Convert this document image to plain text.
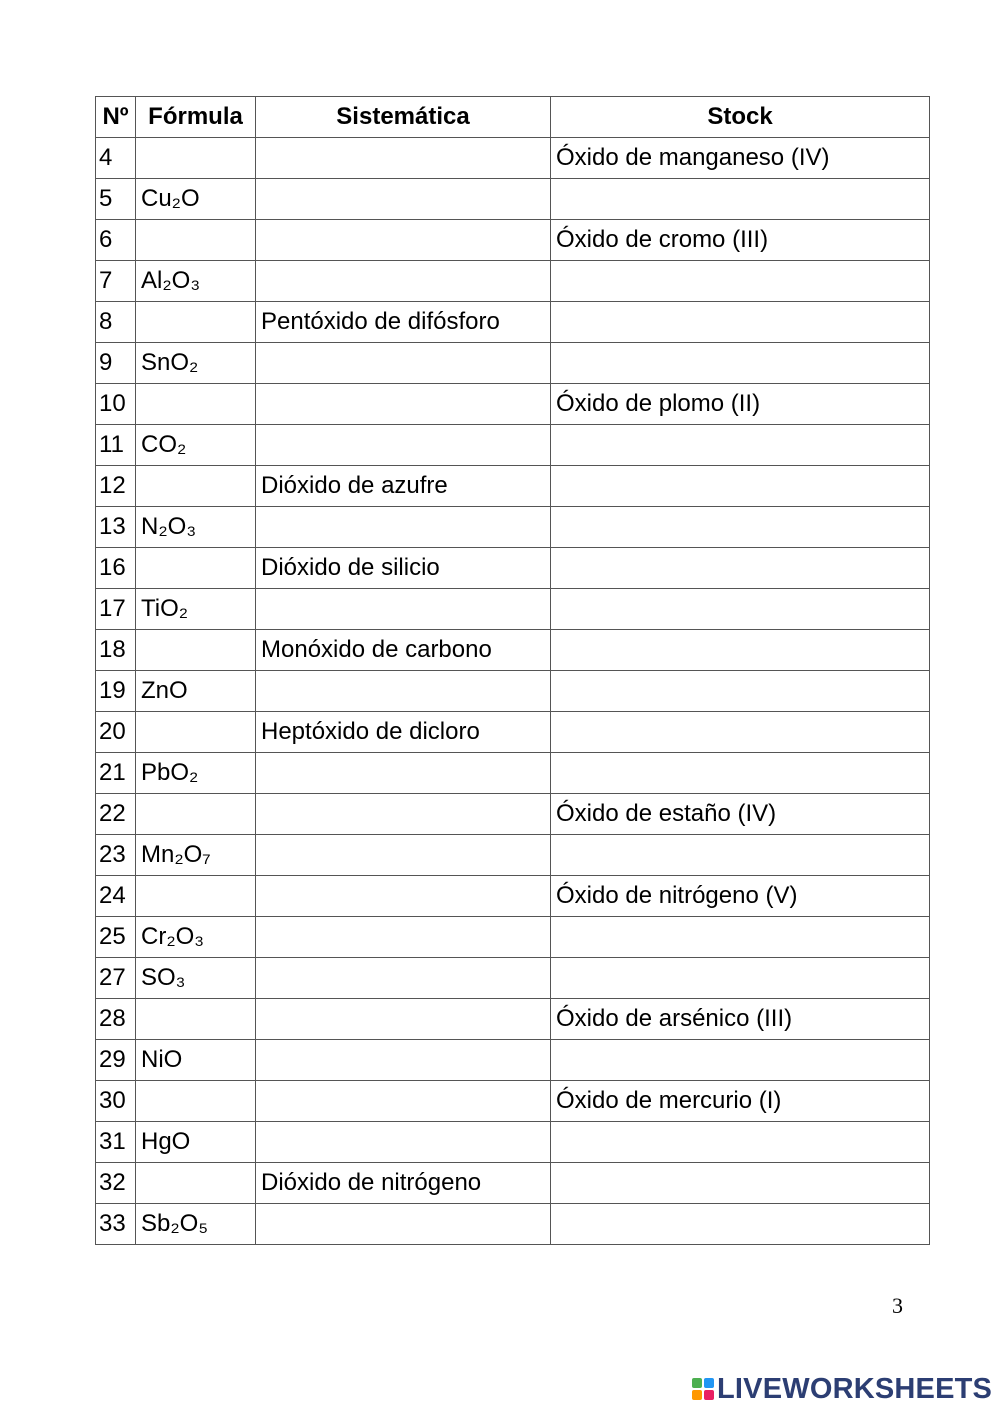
Nº	Fórmula	Sistemática	Stock
4			Óxido de manganeso (IV)
5	Cu₂O		
6			Óxido de cromo (III)
7	Al₂O₃		
8		Pentóxido de difósforo	
9	SnO₂		
10			Óxido de plomo (II)
11	CO₂		
12		Dióxido de azufre	
13	N₂O₃		
16		Dióxido de silicio	
17	TiO₂		
18		Monóxido de carbono	
19	ZnO		
20		Heptóxido de dicloro	
21	PbO₂		
22			Óxido de estaño (IV)
23	Mn₂O₇		
24			Óxido de nitrógeno (V)
25	Cr₂O₃		
27	SO₃		
28			Óxido de arsénico (III)
29	NiO		
30			Óxido de mercurio (I)
31	HgO		
32		Dióxido de nitrógeno	
33	Sb₂O₅		
3
LIVEWORKSHEETS
